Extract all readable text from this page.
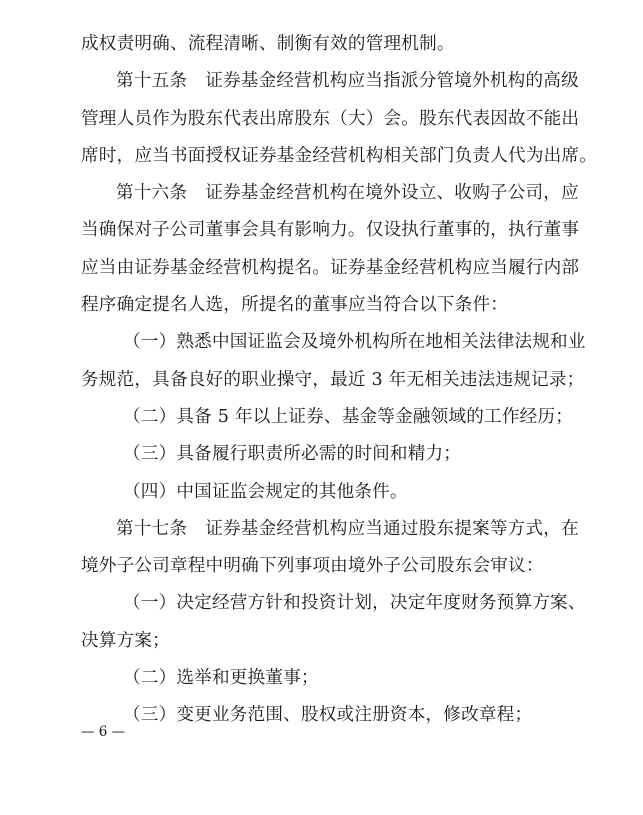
成权责明确、流程清晰、制衡有效的管理机制。
第十五条 证券基金经营机构应当指派分管境外机构的高级
管理人员作为股东代表出席股东（大）会。股东代表因故不能出
席时，应当书面授权证券基金经营机构相关部门负责人代为出席。
第十六条 证券基金经营机构在境外设立、收购子公司，应
当确保对子公司董事会具有影响力。仅设执行董事的，执行董事
应当由证券基金经营机构提名。证券基金经营机构应当履行内部
程序确定提名人选，所提名的董事应当符合以下条件：
（一）熟悉中国证监会及境外机构所在地相关法律法规和业
务规范，具备良好的职业操守，最近 3 年无相关违法违规记录；
（二）具备 5 年以上证券、基金等金融领域的工作经历；
（三）具备履行职责所必需的时间和精力；
（四）中国证监会规定的其他条件。
第十七条 证券基金经营机构应当通过股东提案等方式，在
境外子公司章程中明确下列事项由境外子公司股东会审议：
（一）决定经营方针和投资计划，决定年度财务预算方案、
决算方案；
（二）选举和更换董事；
（三）变更业务范围、股权或注册资本，修改章程；
— 6 —
